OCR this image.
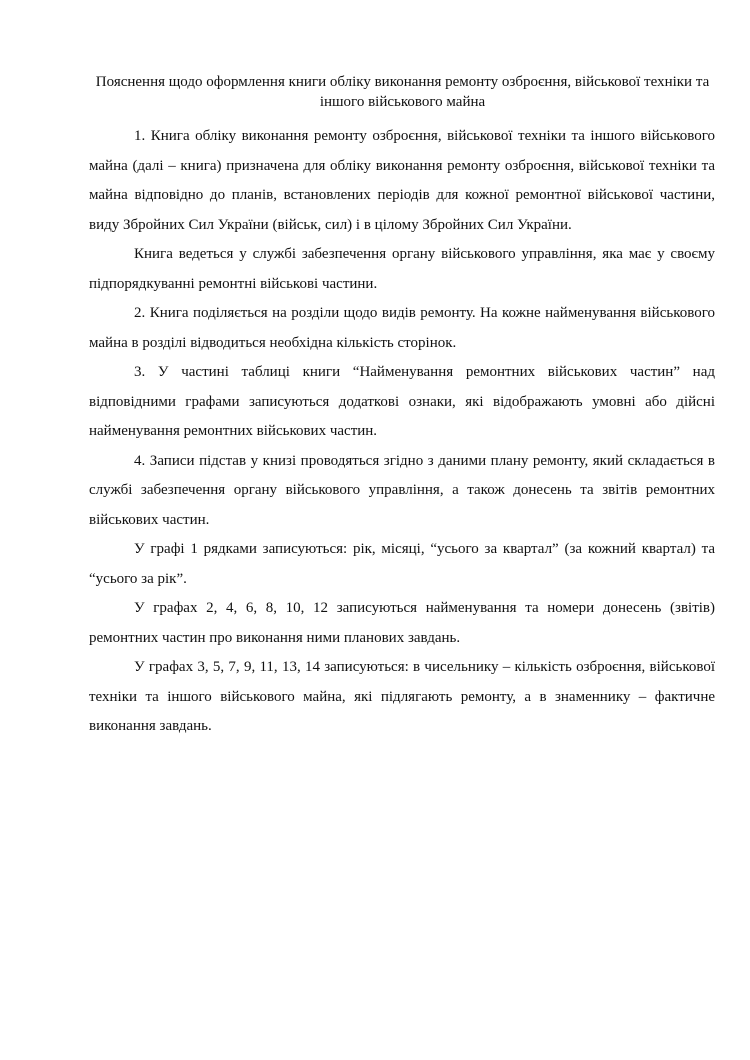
Пояснення щодо оформлення книги обліку виконання ремонту озброєння, військової техніки та іншого військового майна

1. Книга обліку виконання ремонту озброєння, військової техніки та іншого військового майна (далі – книга) призначена для обліку виконання ремонту озброєння, військової техніки та майна відповідно до планів, встановлених періодів для кожної ремонтної військової частини, виду Збройних Сил України (військ, сил) і в цілому Збройних Сил України.

Книга ведеться у службі забезпечення органу військового управління, яка має у своєму підпорядкуванні ремонтні військові частини.

2. Книга поділяється на розділи щодо видів ремонту. На кожне найменування військового майна в розділі відводиться необхідна кількість сторінок.

3. У частині таблиці книги “Найменування ремонтних військових частин” над відповідними графами записуються додаткові ознаки, які відображають умовні або дійсні найменування ремонтних військових частин.

4. Записи підстав у книзі проводяться згідно з даними плану ремонту, який складається в службі забезпечення органу військового управління, а також донесень та звітів ремонтних військових частин.

У графі 1 рядками записуються: рік, місяці, “усього за квартал” (за кожний квартал) та “усього за рік”.

У графах 2, 4, 6, 8, 10, 12 записуються найменування та номери донесень (звітів) ремонтних частин про виконання ними планових завдань.

У графах 3, 5, 7, 9, 11, 13, 14 записуються: в чисельнику – кількість озброєння, військової техніки та іншого військового майна, які підлягають ремонту, а в знаменнику – фактичне виконання завдань.
